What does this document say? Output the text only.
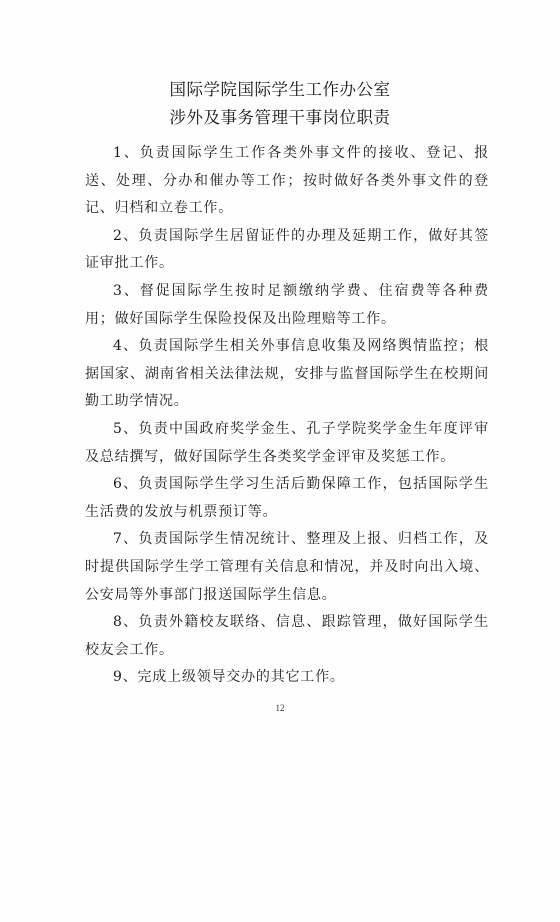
国际学院国际学生工作办公室
涉外及事务管理干事岗位职责

1、负责国际学生工作各类外事文件的接收、登记、报送、处理、分办和催办等工作；按时做好各类外事文件的登记、归档和立卷工作。

2、负责国际学生居留证件的办理及延期工作，做好其签证审批工作。

3、督促国际学生按时足额缴纳学费、住宿费等各种费用；做好国际学生保险投保及出险理赔等工作。

4、负责国际学生相关外事信息收集及网络舆情监控；根据国家、湖南省相关法律法规，安排与监督国际学生在校期间勤工助学情况。

5、负责中国政府奖学金生、孔子学院奖学金生年度评审及总结撰写，做好国际学生各类奖学金评审及奖惩工作。

6、负责国际学生学习生活后勤保障工作，包括国际学生生活费的发放与机票预订等。

7、负责国际学生情况统计、整理及上报、归档工作，及时提供国际学生学工管理有关信息和情况，并及时向出入境、公安局等外事部门报送国际学生信息。

8、负责外籍校友联络、信息、跟踪管理，做好国际学生校友会工作。

9、完成上级领导交办的其它工作。

12
